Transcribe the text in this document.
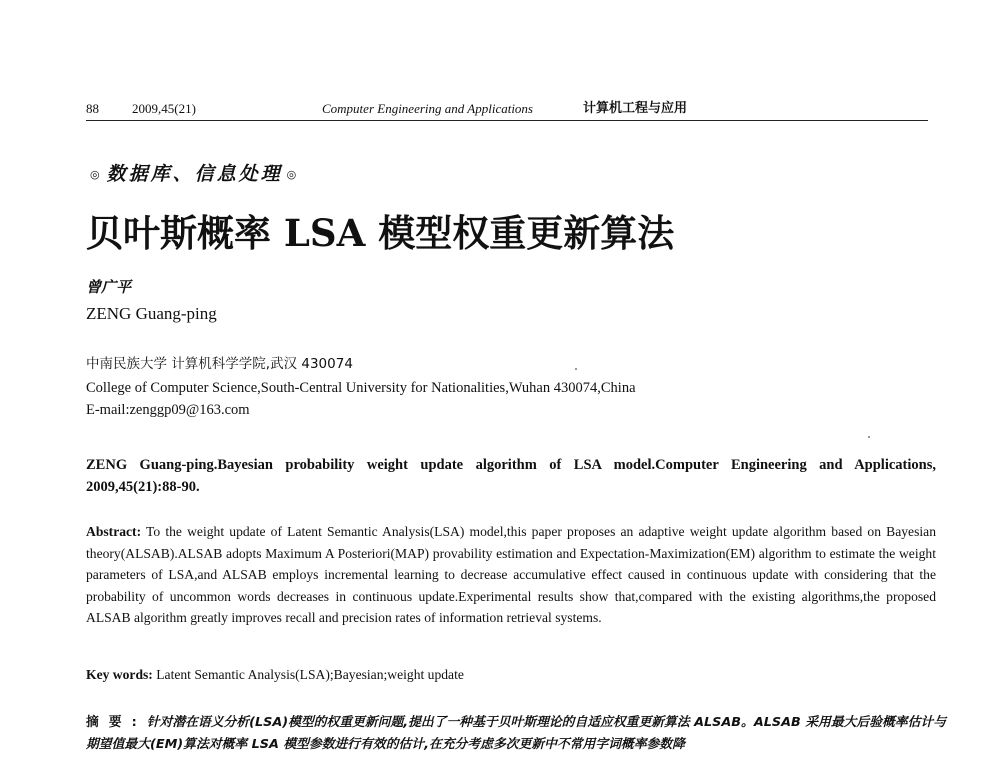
88	2009,45(21)	Computer Engineering and Applications	计算机工程与应用
◎ 数据库、信息处理 ◎
贝叶斯概率 LSA 模型权重更新算法
曾广平
ZENG Guang-ping
中南民族大学 计算机科学学院,武汉 430074
College of Computer Science,South-Central University for Nationalities,Wuhan 430074,China
E-mail:zenggp09@163.com
ZENG Guang-ping.Bayesian probability weight update algorithm of LSA model.Computer Engineering and Applications, 2009,45(21):88-90.
Abstract: To the weight update of Latent Semantic Analysis(LSA) model,this paper proposes an adaptive weight update algorithm based on Bayesian theory(ALSAB).ALSAB adopts Maximum A Posteriori(MAP) provability estimation and Expectation-Maximization(EM) algorithm to estimate the weight parameters of LSA,and ALSAB employs incremental learning to decrease accumulative effect caused in continuous update with considering that the probability of uncommon words decreases in continuous update.Experimental results show that,compared with the existing algorithms,the proposed ALSAB algorithm greatly improves recall and precision rates of information retrieval systems.
Key words: Latent Semantic Analysis(LSA);Bayesian;weight update
摘要:针对潜在语义分析(LSA)模型的权重更新问题,提出了一种基于贝叶斯理论的自适应权重更新算法 ALSAB。ALSAB 采用最大后验概率估计与期望值最大(EM)算法对概率 LSA 模型参数进行有效的估计,在充分考虑多次更新中不常用字词概率参数降
